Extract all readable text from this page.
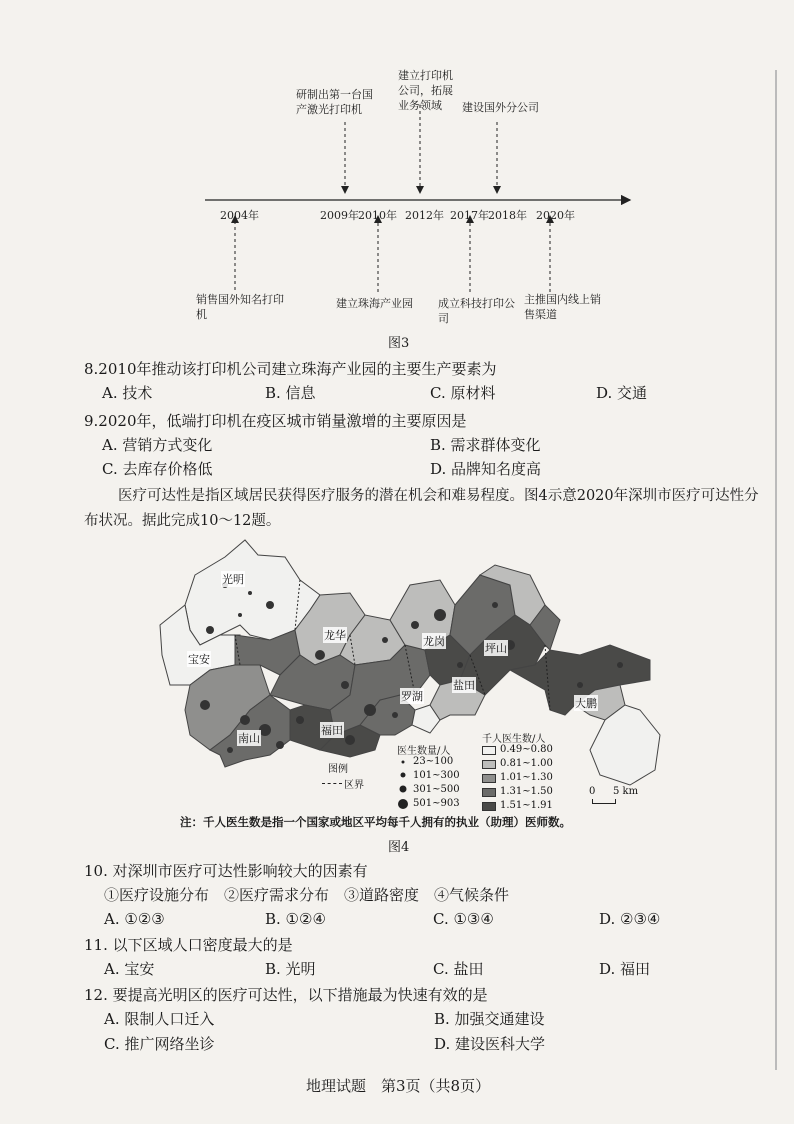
2004年	2009年 2010年 2012年 2017年 2018年 2020年
研制出第一台国产激光打印机
建立打印机公司，拓展业务领域	建设国外分公司
销售国外知名打印机
建立珠海产业园	成立科技打印公司
主推国内线上销售渠道
图3
8.2010年推动该打印机公司建立珠海产业园的主要生产要素为
A. 技术	B. 信息	C. 原材料	D. 交通
9.2020年，低端打印机在疫区城市销量激增的主要原因是
A. 营销方式变化	B. 需求群体变化
C. 去库存价格低	D. 品牌知名度高
医疗可达性是指区域居民获得医疗服务的潜在机会和难易程度。图4示意2020年深圳市医疗可达性分布状况。据此完成10～12题。
光明
宝安
龙华	龙岗
坪山
罗湖
盐田
大鹏
福田
南山
图例
区界
医生数量/人
23~100
101~300
301~500
501~903
千人医生数/人
0.49~0.80
0.81~1.00
1.01~1.30
1.31~1.50
1.51~1.91
0 5 km
注：千人医生数是指一个国家或地区平均每千人拥有的执业（助理）医师数。
图4
10. 对深圳市医疗可达性影响较大的因素有
①医疗设施分布　②医疗需求分布　③道路密度　④气候条件
A. ①②③	B. ①②④	C. ①③④	D. ②③④
11. 以下区域人口密度最大的是
A. 宝安	B. 光明	C. 盐田	D. 福田
12. 要提高光明区的医疗可达性，以下措施最为快速有效的是
A. 限制人口迁入	B. 加强交通建设
C. 推广网络坐诊	D. 建设医科大学
地理试题　第3页（共8页）
